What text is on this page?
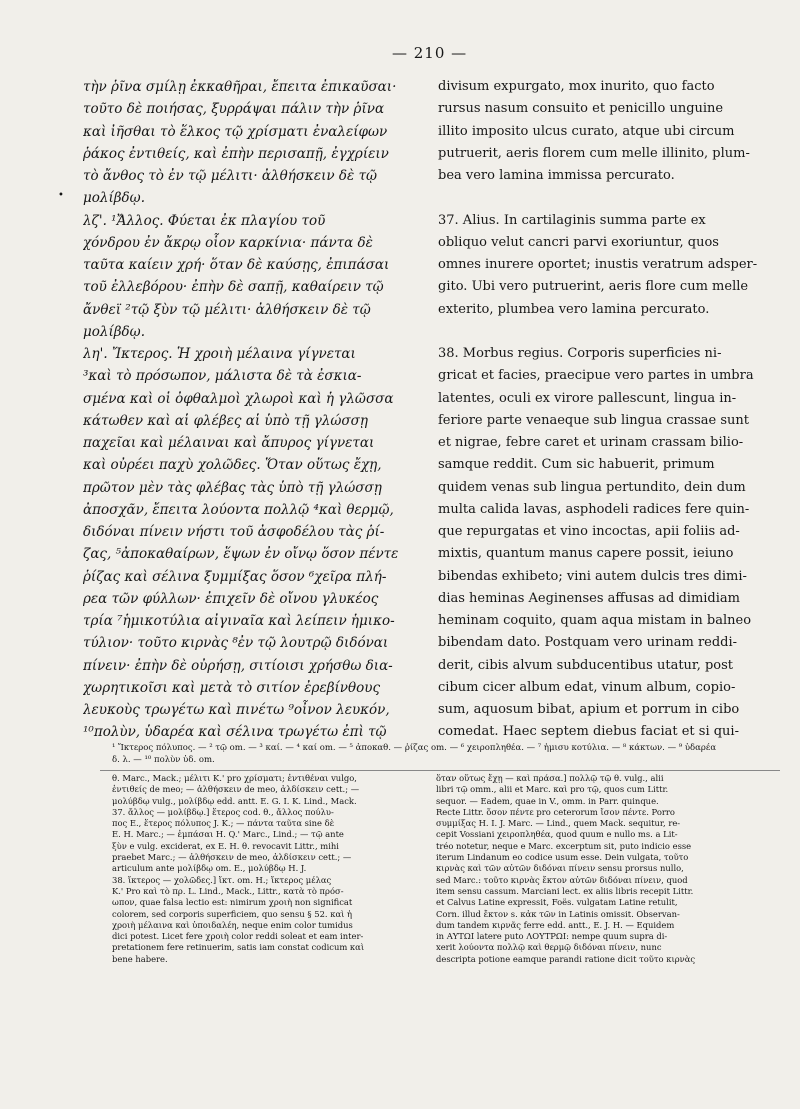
— 210 —
•
τὴν ῥῖνα σμίλῃ ἐκκαθῆραι, ἔπειτα ἐπικαῦσαι·
τοῦτο δὲ ποιήσας, ξυρράψαι πάλιν τὴν ῥῖνα
καὶ ἰῆσθαι τὸ ἕλκος τῷ χρίσματι ἐναλείφων
ῥάκος ἐντιθείς, καὶ ἐπὴν περισαπῇ, ἐγχρίειν
τὸ ἄνθος τὸ ἐν τῷ μέλιτι· ἀλθήσκειν δὲ τῷ
μολίβδῳ.
λζ'. ¹Ἄλλος. Φύεται ἐκ πλαγίου τοῦ
χόνδρου ἐν ἄκρῳ οἷον καρκίνια· πάντα δὲ
ταῦτα καίειν χρή· ὅταν δὲ καύσῃς, ἐπιπάσαι
τοῦ ἐλλεβόρου· ἐπὴν δὲ σαπῇ, καθαίρειν τῷ
ἄνθεϊ ²τῷ ξὺν τῷ μέλιτι· ἀλθήσκειν δὲ τῷ
μολίβδῳ.
λη'. Ἴκτερος. Ἡ χροιὴ μέλαινα γίγνεται
³καὶ τὸ πρόσωπον, μάλιστα δὲ τὰ ἐσκια-
σμένα καὶ οἱ ὀφθαλμοὶ χλωροὶ καὶ ἡ γλῶσσα
κάτωθεν καὶ αἱ φλέβες αἱ ὑπὸ τῇ γλώσσῃ
παχεῖαι καὶ μέλαιναι καὶ ἄπυρος γίγνεται
καὶ οὐρέει παχὺ χολῶδες. Ὅταν οὕτως ἔχῃ,
πρῶτον μὲν τὰς φλέβας τὰς ὑπὸ τῇ γλώσσῃ
ἀποσχᾶν, ἔπειτα λούοντα πολλῷ ⁴καὶ θερμῷ,
διδόναι πίνειν νήστι τοῦ ἀσφοδέλου τὰς ῥί-
ζας, ⁵ἀποκαθαίρων, ἕψων ἐν οἴνῳ ὅσον πέντε
ῥίζας καὶ σέλινα ξυμμίξας ὅσον ⁶χεῖρα πλή-
ρεα τῶν φύλλων· ἐπιχεῖν δὲ οἴνου γλυκέος
τρία ⁷ἡμικοτύλια αἰγιναῖα καὶ λείπειν ἡμικο-
τύλιον· τοῦτο κιρνὰς ⁸ἐν τῷ λουτρῷ διδόναι
πίνειν· ἐπὴν δὲ οὐρήσῃ, σιτίοισι χρήσθω δια-
χωρητικοῖσι καὶ μετὰ τὸ σιτίον ἐρεβίνθους
λευκοὺς τρωγέτω καὶ πινέτω ⁹οἶνον λευκόν,
¹⁰πολὺν, ὑδαρέα καὶ σέλινα τρωγέτω ἐπὶ τῷ
divisum expurgato, mox inurito, quo facto
rursus nasum consuito et penicillo unguine
illito imposito ulcus curato, atque ubi circum
putruerit, aeris florem cum melle illinito, plum-
bea vero lamina immissa percurato.
37. Alius. In cartilaginis summa parte ex
obliquo velut cancri parvi exoriuntur, quos
omnes inurere oportet; inustis veratrum adsper-
gito. Ubi vero putruerint, aeris flore cum melle
exterito, plumbea vero lamina percurato.
38. Morbus regius. Corporis superficies ni-
gricat et facies, praecipue vero partes in umbra
latentes, oculi ex virore pallescunt, lingua in-
feriore parte venaeque sub lingua crassae sunt
et nigrae, febre caret et urinam crassam bilio-
samque reddit. Cum sic habuerit, primum
quidem venas sub lingua pertundito, dein dum
multa calida lavas, asphodeli radices fere quin-
que repurgatas et vino incoctas, apii foliis ad-
mixtis, quantum manus capere possit, ieiuno
bibendas exhibeto; vini autem dulcis tres dimi-
dias heminas Aeginenses affusas ad dimidiam
heminam coquito, quam aqua mistam in balneo
bibendam dato. Postquam vero urinam reddi-
derit, cibis alvum subducentibus utatur, post
cibum cicer album edat, vinum album, copio-
sum, aquosum bibat, apium et porrum in cibo
comedat. Haec septem diebus faciat et si qui-
¹ Ἴκτερος πόλυπος. — ² τῷ om. — ³ καί. — ⁴ καί om. — ⁵ ἀποκαθ. — ῥίζας om. — ⁶ χειροπληθέα. — ⁷ ἡμισυ κοτύλια. — ⁸ κάκτων. — ⁹ ὑδαρέα
δ. λ. — ¹⁰ πολὺν ὑδ. om.
θ. Marc., Mack.; μέλιτι K.' pro χρίσματι; ἐντιθέναι vulgo,
ἐντιθείς de meo; — ἀλθήσκειν de meo, ἀλδίσκειν cett.; —
μολύβδῳ vulg., μολίβδῳ edd. antt. E. G. I. K. Lind., Mack.
37. ἄλλος — μολίβδῳ.] ἕτερος cod. θ., ἄλλος πούλυ-
πος E., ἕτερος πόλυπος J. K.; — πάντα ταῦτα sine δὲ
E. H. Marc.; — ἐμπάσαι H. Q.' Marc., Lind.; — τῷ ante
ξὺν e vulg. exciderat, ex E. H. θ. revocavit Littr., mihi
praebet Marc.; — ἀλθήσκειν de meo, ἀλδίσκειν cett.; —
articulum ante μολίβδῳ om. E., μολύβδῳ H. J.
38. ἴκτερος — χολῶδες.] ἴκτ. om. H.; ἴκτερος μέλας
K.' Pro καὶ τὸ πρ. L. Lind., Mack., Littr., κατὰ τὸ πρόσ-
ωπον, quae falsa lectio est: nimirum χροιὴ non significat
colorem, sed corporis superficiem, quo sensu § 52. καὶ ἡ
χροιὴ μέλαινα καὶ ὑποιδαλέη, neque enim color tumidus
dici potest. Licet fere χροιὴ color reddi soleat et eam inter-
pretationem fere retinuerim, satis iam constat codicum καὶ
bene habere.
ὅταν οὕτως ἔχῃ — καὶ πράσα.] πολλῷ τῷ θ. vulg., alii
libri τῷ omm., alii et Marc. καὶ pro τῷ, quos cum Littr.
sequor. — Eadem, quae in V., omm. in Parr. quinque.
Recte Littr. ὅσον πέντε pro ceterorum ἴσον πέντε. Porro
συμμίξας H. I. J. Marc. — Lind., quem Mack. sequitur, re-
cepit Vossiani χειροπληθέα, quod quum e nullo ms. a Lit-
tréo notetur, neque e Marc. excerptum sit, puto indicio esse
iterum Lindanum eo codice usum esse. Dein vulgata, τοῦτο
κιρνὰς καὶ τῶν αὐτῶν διδόναι πίνειν sensu prorsus nullo,
sed Marc.: τοῦτο κιρνὰς ἔκτον αὐτῶν διδόναι πίνειν, quod
item sensu cassum. Marciani lect. ex aliis libris recepit Littr.
et Calvus Latine expressit, Foës. vulgatam Latine retulit,
Corn. illud ἔκτον s. κἀκ τῶν in Latinis omissit. Observan-
dum tandem κιρνᾶς ferre edd. antt., E. J. H. — Equidem
in ΑΥΤΩΙ latere puto ΛΟΥΤΡΩΙ: nempe quum supra di-
xerit λούοντα πολλῷ καὶ θερμῷ διδόναι πίνειν, nunc
descripta potione eamque parandi ratione dicit τοῦτο κιρνὰς
